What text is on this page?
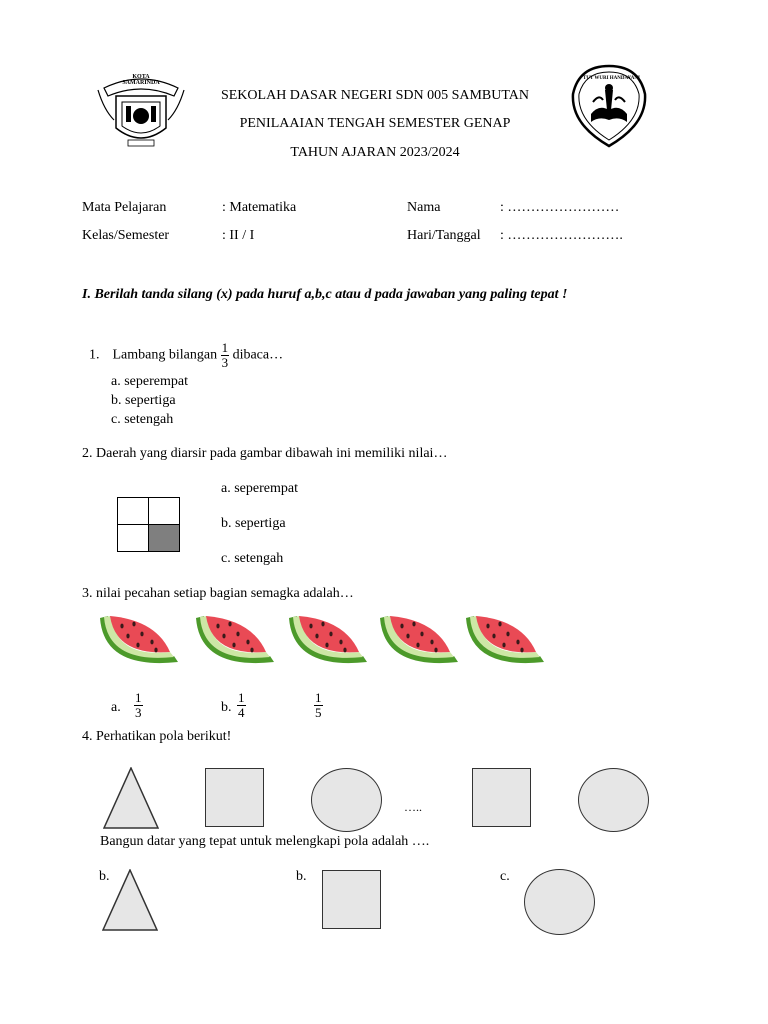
KOTA SAMARINDA
SEKOLAH DASAR NEGERI SDN 005 SAMBUTAN
PENILAAIAN TENGAH SEMESTER GENAP
TAHUN AJARAN 2023/2024
TUT WURI HANDAYANI
Mata Pelajaran	: Matematika	Nama	: ……………………
Kelas/Semester	: II / I	Hari/Tanggal : …………………….
I. Berilah tanda silang (x) pada huruf a,b,c atau d pada jawaban yang paling tepat !
1. Lambang bilangan $\frac{1}{3}$ dibaca…
a. seperempat
b. sepertiga
c. setengah
2. Daerah yang diarsir pada gambar dibawah ini memiliki nilai…
a. seperempat
b. sepertiga
c. setengah
3. nilai pecahan setiap bagian semagka adalah…
a. $\frac{1}{3}$	b. $\frac{1}{4}$	$\frac{1}{5}$
4. Perhatikan pola berikut!
…..
Bangun datar yang tepat untuk melengkapi pola adalah ….
b.	b.	c.
